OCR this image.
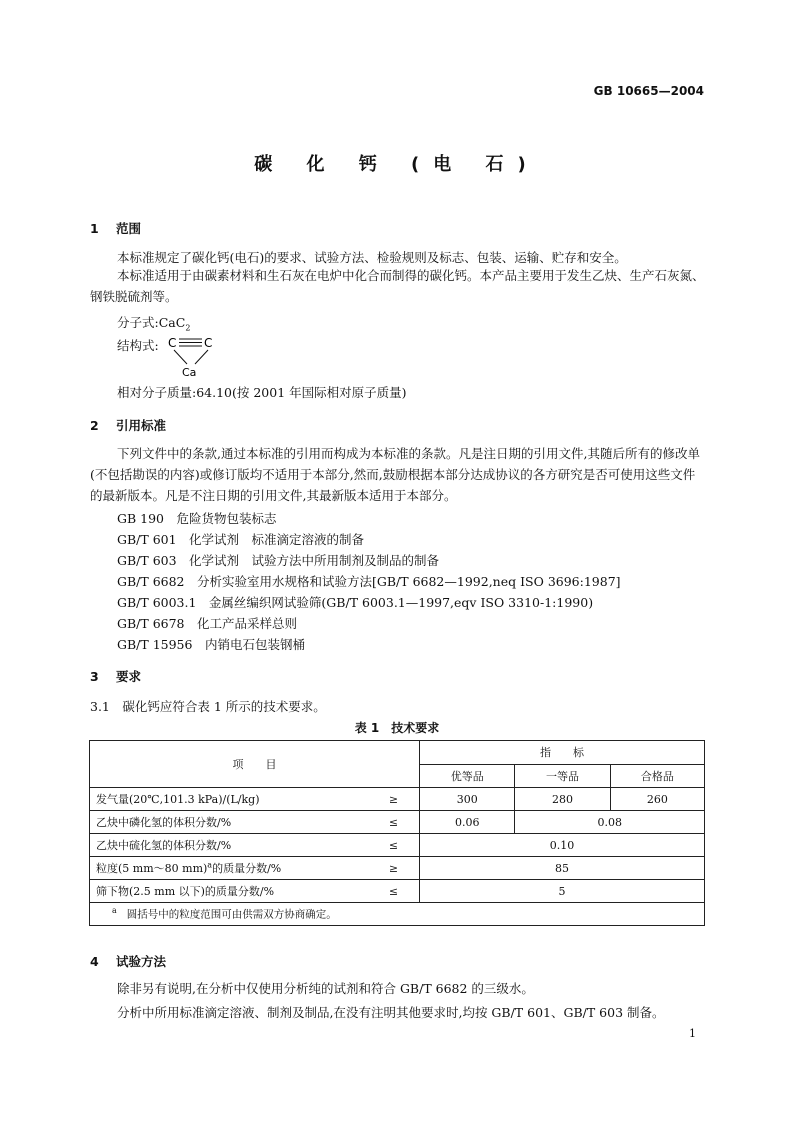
GB 10665—2004
碳 化 钙 (电 石)
1 范围
本标准规定了碳化钙(电石)的要求、试验方法、检验规则及标志、包装、运输、贮存和安全。
本标准适用于由碳素材料和生石灰在电炉中化合而制得的碳化钙。本产品主要用于发生乙炔、生产石灰氮、钢铁脱硫剂等。
分子式:CaC$_2$
结构式: C C
Ca
相对分子质量:64.10(按 2001 年国际相对原子质量)
2 引用标准
下列文件中的条款,通过本标准的引用而构成为本标准的条款。凡是注日期的引用文件,其随后所有的修改单(不包括勘误的内容)或修订版均不适用于本部分,然而,鼓励根据本部分达成协议的各方研究是否可使用这些文件的最新版本。凡是不注日期的引用文件,其最新版本适用于本部分。
GB 190　危险货物包装标志
GB/T 601　化学试剂　标准滴定溶液的制备
GB/T 603　化学试剂　试验方法中所用制剂及制品的制备
GB/T 6682　分析实验室用水规格和试验方法[GB/T 6682—1992,neq ISO 3696:1987]
GB/T 6003.1　金属丝编织网试验筛(GB/T 6003.1—1997,eqv ISO 3310-1:1990)
GB/T 6678　化工产品采样总则
GB/T 15956　内销电石包装钢桶
3 要求
3.1　碳化钙应符合表 1 所示的技术要求。
表 1　技术要求
项　　目		指　　标		
		优等品	一等品	合格品
发气量(20℃,101.3 kPa)/(L/kg)	≥	300	280	260
乙炔中磷化氢的体积分数/%	≤	0.06	0.08	
乙炔中硫化氢的体积分数/%	≤	0.10		
粒度(5 mm～80 mm)$^a$的质量分数/%	≥	85		
筛下物(2.5 mm 以下)的质量分数/%	≤	5		
$^a$ 圆括号中的粒度范围可由供需双方协商确定。				
4 试验方法
除非另有说明,在分析中仅使用分析纯的试剂和符合 GB/T 6682 的三级水。
分析中所用标准滴定溶液、制剂及制品,在没有注明其他要求时,均按 GB/T 601、GB/T 603 制备。
1
